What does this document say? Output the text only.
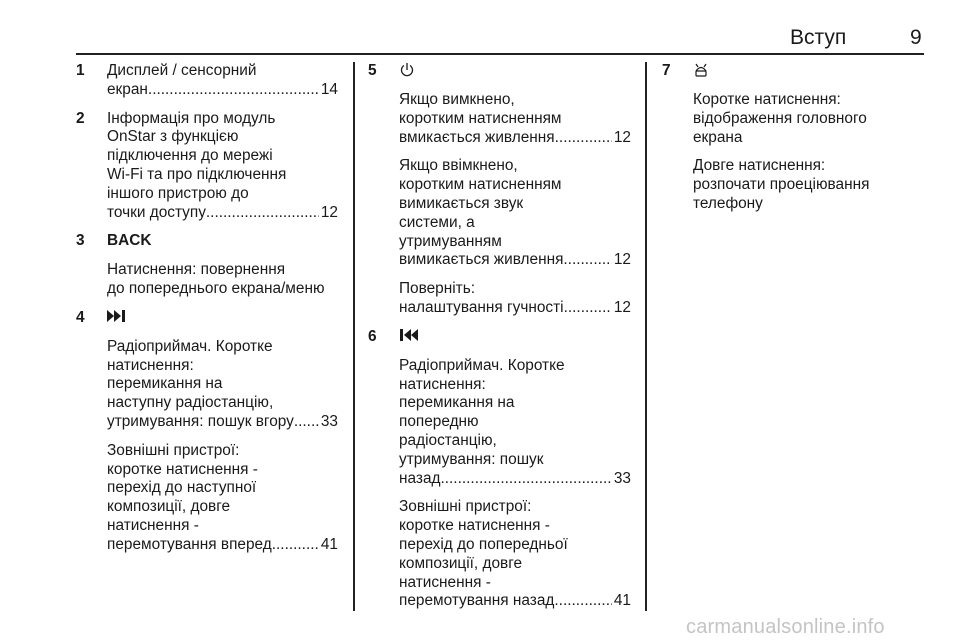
Вступ	9
1 Дисплей / сенсорний
екран .....	14
2 Інформація про модуль
OnStar з функцією
підключення до мережі
Wi-Fi та про підключення
іншого пристрою до
точки доступу .....	12
3 BACK
Натиснення: повернення
до попереднього екрана/меню
4
Радіоприймач. Коротке
натиснення:
перемикання на
наступну радіостанцію,
утримування: пошук вгору ..... 33
Зовнішні пристрої:
коротке натиснення -
перехід до наступної
композиції, довге
натиснення -
перемотування вперед .....	41
5
Якщо вимкнено,
коротким натисненням
вмикається живлення .....	12
Якщо ввімкнено,
коротким натисненням
вимикається звук
системи, а
утримуванням
вимикається живлення .....	12
Поверніть:
налаштування гучності .....	12
6
Радіоприймач. Коротке
натиснення:
перемикання на
попередню
радіостанцію,
утримування: пошук
назад .....	33
Зовнішні пристрої:
коротке натиснення -
перехід до попередньої
композиції, довге
натиснення -
перемотування назад .....	41
7
Коротке натиснення:
відображення головного
екрана
Довге натиснення:
розпочати проеціювання
телефону
carmanualsonline.info
